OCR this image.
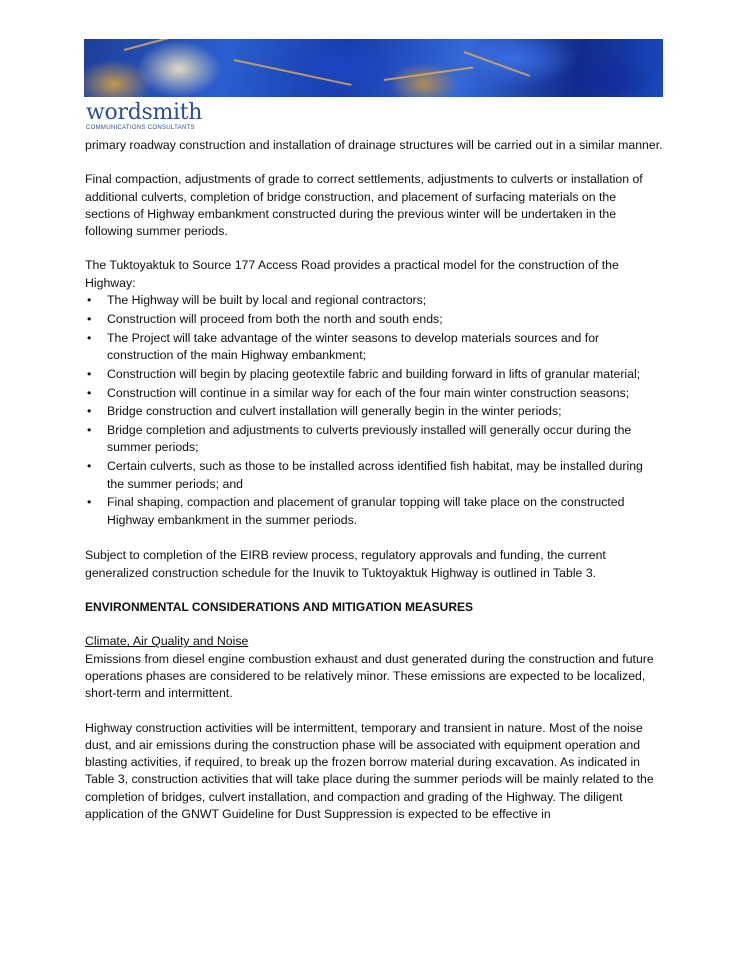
wordsmith
COMMUNICATIONS CONSULTANTS

primary roadway construction and installation of drainage structures will be carried out in a similar manner.

Final compaction, adjustments of grade to correct settlements, adjustments to culverts or installation of additional culverts, completion of bridge construction, and placement of surfacing materials on the sections of Highway embankment constructed during the previous winter will be undertaken in the following summer periods.

The Tuktoyaktuk to Source 177 Access Road provides a practical model for the construction of the Highway:

• The Highway will be built by local and regional contractors;
• Construction will proceed from both the north and south ends;
• The Project will take advantage of the winter seasons to develop materials sources and for construction of the main Highway embankment;
• Construction will begin by placing geotextile fabric and building forward in lifts of granular material;
• Construction will continue in a similar way for each of the four main winter construction seasons;
• Bridge construction and culvert installation will generally begin in the winter periods;
• Bridge completion and adjustments to culverts previously installed will generally occur during the summer periods;
• Certain culverts, such as those to be installed across identified fish habitat, may be installed during the summer periods; and
• Final shaping, compaction and placement of granular topping will take place on the constructed Highway embankment in the summer periods.

Subject to completion of the EIRB review process, regulatory approvals and funding, the current generalized construction schedule for the Inuvik to Tuktoyaktuk Highway is outlined in Table 3.

ENVIRONMENTAL CONSIDERATIONS AND MITIGATION MEASURES

Climate, Air Quality and Noise

Emissions from diesel engine combustion exhaust and dust generated during the construction and future operations phases are considered to be relatively minor. These emissions are expected to be localized, short-term and intermittent.

Highway construction activities will be intermittent, temporary and transient in nature. Most of the noise dust, and air emissions during the construction phase will be associated with equipment operation and blasting activities, if required, to break up the frozen borrow material during excavation. As indicated in Table 3, construction activities that will take place during the summer periods will be mainly related to the completion of bridges, culvert installation, and compaction and grading of the Highway. The diligent application of the GNWT Guideline for Dust Suppression is expected to be effective in
